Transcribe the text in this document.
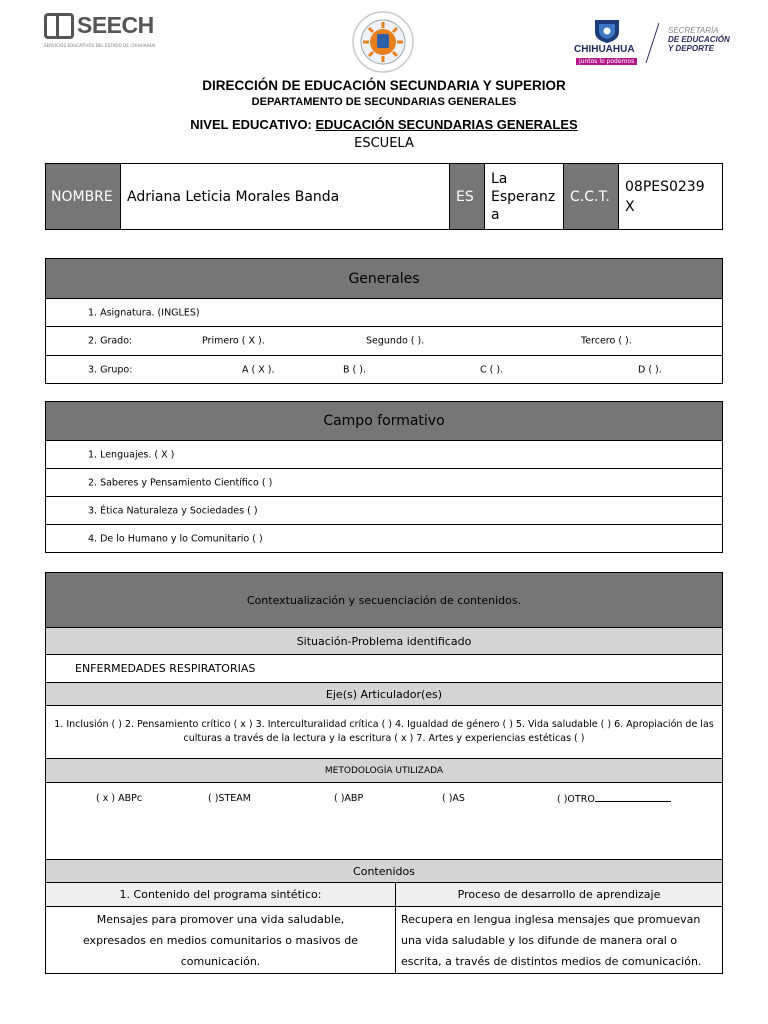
SEECH
SERVICIOS EDUCATIVOS DEL ESTADO DE CHIHUAHUA	CHIHUAHUA
juntos lo podemos
SECRETARÍA
DE EDUCACIÓN
Y DEPORTE
DIRECCIÓN DE EDUCACIÓN SECUNDARIA Y SUPERIOR
DEPARTAMENTO DE SECUNDARIAS GENERALES
NIVEL EDUCATIVO: EDUCACIÓN SECUNDARIAS GENERALES
ESCUELA
NOMBRE	Adriana Leticia Morales Banda	ES	La Esperanz a	C.C.T.	08PES0239 X
Generales

1. Asignatura. (INGLES)

2. Grado:	Primero ( X ).	Segundo ( ).	Tercero ( ).

3. Grupo:	A ( X ).	B ( ).	C ( ).	D ( ).
Campo formativo

1. Lenguajes. ( X )

2. Saberes y Pensamiento Científico ( )

3. Ética Naturaleza y Sociedades ( )

4. De lo Humano y lo Comunitario ( )
Contextualización y secuenciación de contenidos.	
Situación-Problema identificado	
ENFERMEDADES RESPIRATORIAS	
Eje(s) Articulador(es)	
1. Inclusión ( ) 2. Pensamiento crítico ( x ) 3. Interculturalidad crítica ( ) 4. Igualdad de género ( ) 5. Vida saludable ( ) 6. Apropiación de las culturas a través de la lectura y la escritura ( x ) 7. Artes y experiencias estéticas ( )	
METODOLOGÍA UTILIZADA	

( x ) ABPc ( )STEAM ( )ABP ( )AS ( )OTRO	

Contenidos	
1. Contenido del programa sintético:	Proceso de desarrollo de aprendizaje
Mensajes para promover una vida saludable, expresados en medios comunitarios o masivos de comunicación.	Recupera en lengua inglesa mensajes que promuevan una vida saludable y los difunde de manera oral o escrita, a través de distintos medios de comunicación.
